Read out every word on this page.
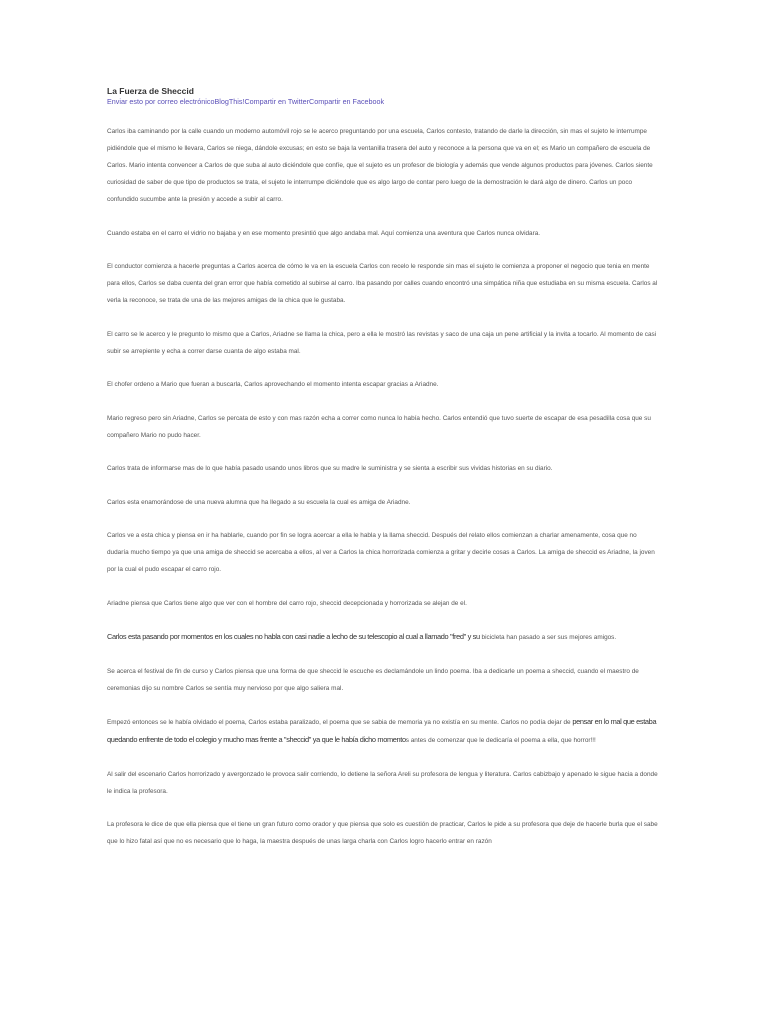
La Fuerza de Sheccid

Enviar esto por correo electrónicoBlogThis!Compartir en TwitterCompartir en Facebook

Carlos iba caminando por la calle cuando un moderno automóvil rojo se le acerco preguntando por una escuela, Carlos contesto, tratando de darle la dirección, sin mas el sujeto le interrumpe pidiéndole que el mismo le llevara, Carlos se niega, dándole excusas; en esto se baja la ventanilla trasera del auto y reconoce a la persona que va en el; es Mario un compañero de escuela de Carlos. Mario intenta convencer a Carlos de que suba al auto diciéndole que confíe, que el sujeto es un profesor de biología y además que vende algunos productos para jóvenes. Carlos siente curiosidad de saber de que tipo de productos se trata, el sujeto le interrumpe diciéndole que es algo largo de contar pero luego de la demostración le dará algo de dinero. Carlos un poco confundido sucumbe ante la presión y accede a subir al carro.

Cuando estaba en el carro el vidrio no bajaba y en ese momento presintió que algo andaba mal. Aquí comienza una aventura que Carlos nunca olvidara.

El conductor comienza a hacerle preguntas a Carlos acerca de cómo le va en la escuela Carlos con recelo le responde sin mas el sujeto le comienza a proponer el negocio que tenia en mente para ellos, Carlos se daba cuenta del gran error que había cometido al subirse al carro. Iba pasando por calles cuando encontró una simpática niña que estudiaba en su misma escuela. Carlos al verla la reconoce, se trata de una de las mejores amigas de la chica que le gustaba.

El carro se le acerco y le pregunto lo mismo que a Carlos, Ariadne se llama la chica, pero a ella le mostró las revistas y saco de una caja un pene artificial y la invita a tocarlo. Al momento de casi subir se arrepiente y echa a correr darse cuanta de algo estaba mal.

El chofer ordeno a Mario que fueran a buscarla, Carlos aprovechando el momento intenta escapar gracias a Ariadne.

Mario regreso pero sin Ariadne, Carlos se percata de esto y con mas razón echa a correr como nunca lo había hecho. Carlos entendió que tuvo suerte de escapar de esa pesadilla cosa que su compañero Mario no pudo hacer.

Carlos trata de informarse mas de lo que había pasado usando unos libros que su madre le suministra y se sienta a escribir sus vividas historias en su diario.

Carlos esta enamorándose de una nueva alumna que ha llegado a su escuela la cual es amiga de Ariadne.

Carlos ve a esta chica y piensa en ir ha hablarle, cuando por fin se logra acercar a ella le habla y la llama sheccid. Después del relato ellos comienzan a charlar amenamente, cosa que no dudaría mucho tiempo ya que una amiga de sheccid se acercaba a ellos, al ver a Carlos la chica horrorizada comienza a gritar y decirle cosas a Carlos. La amiga de sheccid es Ariadne, la joven por la cual el pudo escapar el carro rojo.

Ariadne piensa que Carlos tiene algo que ver con el hombre del carro rojo, sheccid decepcionada y horrorizada se alejan de el.

Carlos esta pasando por momentos en los cuales no habla con casi nadie a lecho de su telescopio al cual a llamado "fred" y su bicicleta han pasado a ser sus mejores amigos.

Se acerca el festival de fin de curso y Carlos piensa que una forma de que sheccid le escuche es declamándole un lindo poema. Iba a dedicarle un poema a sheccid, cuando el maestro de ceremonias dijo su nombre Carlos se sentía muy nervioso por que algo saliera mal.

Empezó entonces se le había olvidado el poema, Carlos estaba paralizado, el poema que se sabia de memoria ya no existía en su mente. Carlos no podía dejar de pensar en lo mal que estaba quedando enfrente de todo el colegio y mucho mas frente a "sheccid" ya que le había dicho momentos antes de comenzar que le dedicaría el poema a ella, que horror!!!

Al salir del escenario Carlos horrorizado y avergonzado le provoca salir corriendo, lo detiene la señora Areli su profesora de lengua y literatura. Carlos cabizbajo y apenado le sigue hacia a donde le indica la profesora.

La profesora le dice de que ella piensa que el tiene un gran futuro como orador y que piensa que solo es cuestión de practicar, Carlos le pide a su profesora que deje de hacerle burla que el sabe que lo hizo fatal así que no es necesario que lo haga, la maestra después de unas larga charla con Carlos logro hacerlo entrar en razón
